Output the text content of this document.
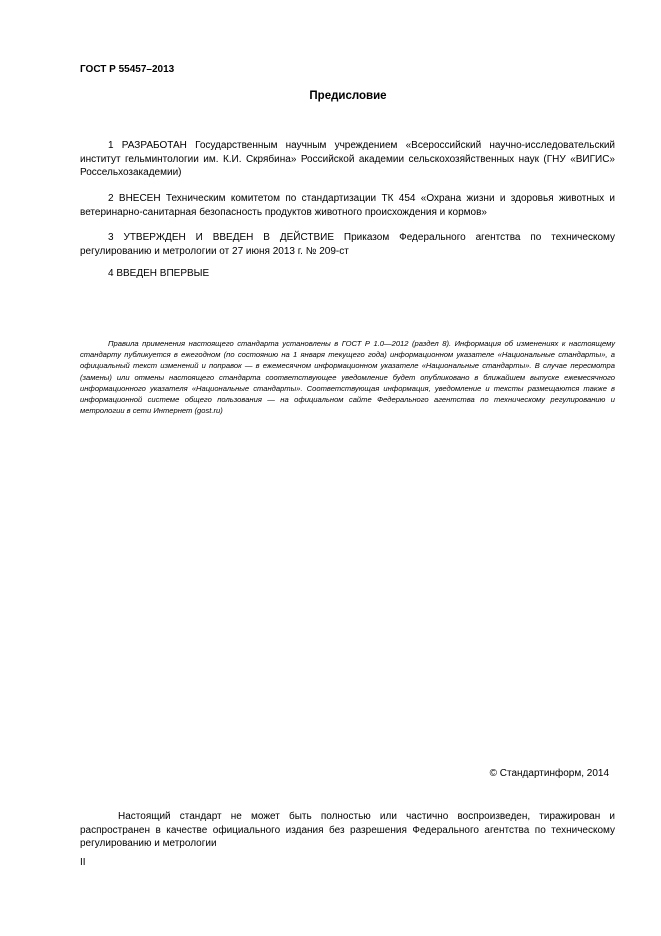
ГОСТ Р 55457–2013
Предисловие
1 РАЗРАБОТАН Государственным научным учреждением «Всероссийский научно-исследовательский институт гельминтологии им. К.И. Скрябина» Российской академии сельскохозяйственных наук (ГНУ «ВИГИС» Россельхозакадемии)
2 ВНЕСЕН Техническим комитетом по стандартизации ТК 454 «Охрана жизни и здоровья животных и ветеринарно-санитарная безопасность продуктов животного происхождения и кормов»
3 УТВЕРЖДЕН И ВВЕДЕН В ДЕЙСТВИЕ Приказом Федерального агентства по техническому регулированию и метрологии от 27 июня 2013 г. № 209-ст
4 ВВЕДЕН ВПЕРВЫЕ
Правила применения настоящего стандарта установлены в ГОСТ Р 1.0—2012 (раздел 8). Информация об изменениях к настоящему стандарту публикуется в ежегодном (по состоянию на 1 января текущего года) информационном указателе «Национальные стандарты», а официальный текст изменений и поправок — в ежемесячном информационном указателе «Национальные стандарты». В случае пересмотра (замены) или отмены настоящего стандарта соответствующее уведомление будет опубликовано в ближайшем выпуске ежемесячного информационного указателя «Национальные стандарты». Соответствующая информация, уведомление и тексты размещаются также в информационной системе общего пользования — на официальном сайте Федерального агентства по техническому регулированию и метрологии в сети Интернет (gost.ru)
© Стандартинформ, 2014
Настоящий стандарт не может быть полностью или частично воспроизведен, тиражирован и распространен в качестве официального издания без разрешения Федерального агентства по техническому регулированию и метрологии
II
